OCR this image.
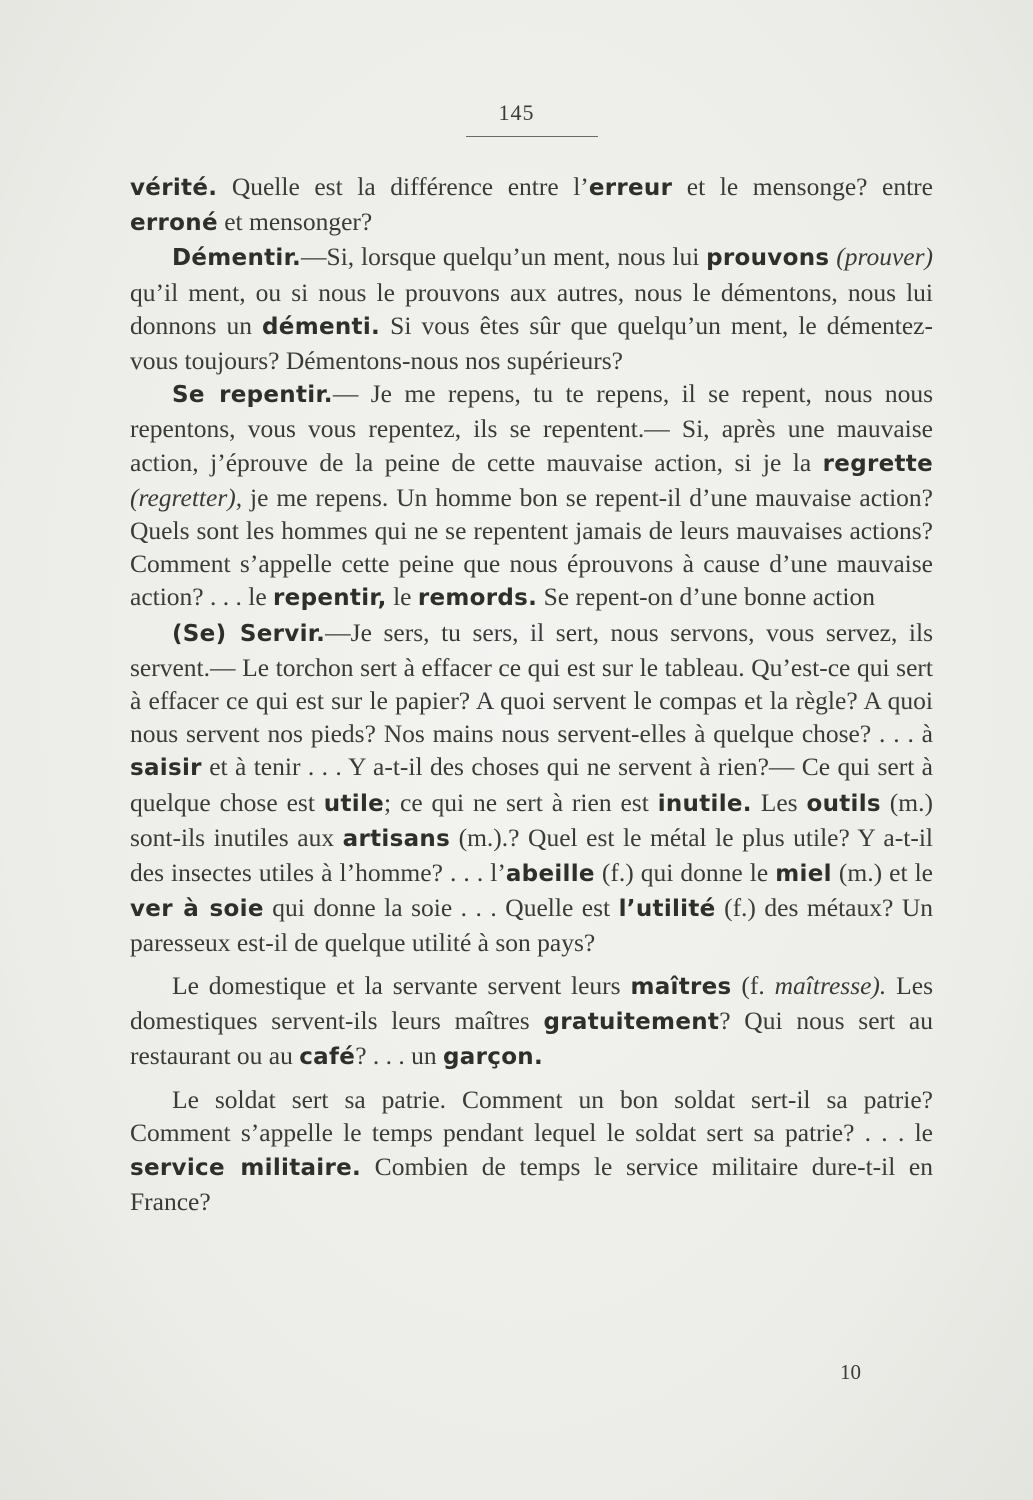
145

vérité. Quelle est la différence entre l’erreur et le mensonge? entre erroné et mensonger?

Démentir.—Si, lorsque quelqu’un ment, nous lui prouvons (prouver) qu’il ment, ou si nous le prouvons aux autres, nous le démentons, nous lui donnons un démenti. Si vous êtes sûr que quelqu’un ment, le démentez-vous toujours? Démentons-nous nos supérieurs?

Se repentir.— Je me repens, tu te repens, il se repent, nous nous repentons, vous vous repentez, ils se repentent.— Si, après une mauvaise action, j’éprouve de la peine de cette mauvaise action, si je la regrette (regretter), je me repens. Un homme bon se repent-il d’une mauvaise action? Quels sont les hommes qui ne se repentent jamais de leurs mauvaises actions? Comment s’appelle cette peine que nous éprouvons à cause d’une mauvaise action? . . . le repentir, le remords. Se repent-on d’une bonne action

(Se) Servir.—Je sers, tu sers, il sert, nous servons, vous servez, ils servent.— Le torchon sert à effacer ce qui est sur le tableau. Qu’est-ce qui sert à effacer ce qui est sur le papier? A quoi servent le compas et la règle? A quoi nous servent nos pieds? Nos mains nous servent-elles à quelque chose? . . . à saisir et à tenir . . . Y a-t-il des choses qui ne servent à rien?— Ce qui sert à quelque chose est utile; ce qui ne sert à rien est inutile. Les outils (m.) sont-ils inutiles aux artisans (m.).? Quel est le métal le plus utile? Y a-t-il des insectes utiles à l’homme? . . . l’abeille (f.) qui donne le miel (m.) et le ver à soie qui donne la soie . . . Quelle est l’utilité (f.) des métaux? Un paresseux est-il de quelque utilité à son pays?

Le domestique et la servante servent leurs maîtres (f. maîtresse). Les domestiques servent-ils leurs maîtres gratuitement? Qui nous sert au restaurant ou au café? . . . un garçon.

Le soldat sert sa patrie. Comment un bon soldat sert-il sa patrie? Comment s’appelle le temps pendant lequel le soldat sert sa patrie? . . . le service militaire. Combien de temps le service militaire dure-t-il en France?

10
